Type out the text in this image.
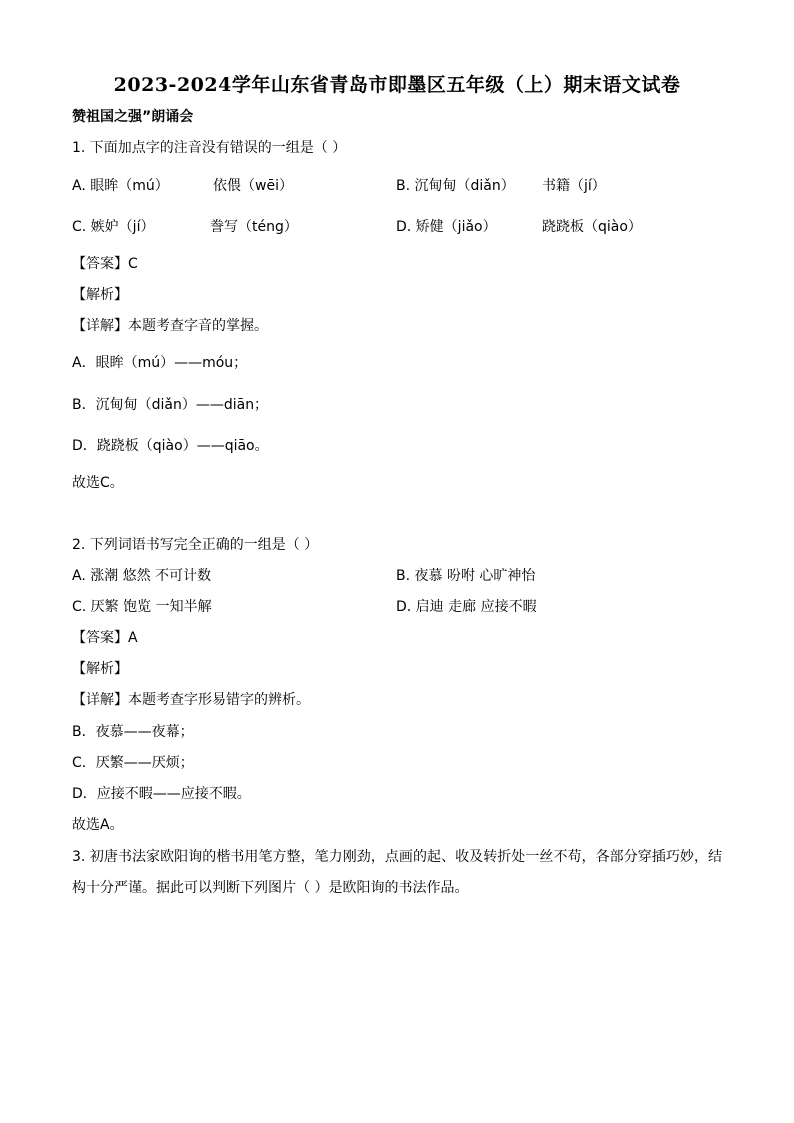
2023-2024学年山东省青岛市即墨区五年级（上）期末语文试卷
赞祖国之强”朗诵会
1. 下面加点字的注音没有错误的一组是（ ）
A. 眼眸（mú）	依偎（wēi）	B. 沉甸甸（diǎn） 书籍（jí）
C. 嫉妒（jí）	誊写（téng）	D. 矫健（jiǎo）	跷跷板（qiào）
【答案】C
【解析】
【详解】本题考查字音的掌握。
A．眼眸（mú）——móu；
B．沉甸甸（diǎn）——diān；
D．跷跷板（qiào）——qiāo。
故选C。
2. 下列词语书写完全正确的一组是（ ）
A. 涨潮 悠然 不可计数	B. 夜慕 吩咐 心旷神怡
C. 厌繁 饱览 一知半解	D. 启迪 走廊 应接不暇
【答案】A
【解析】
【详解】本题考查字形易错字的辨析。
B．夜慕——夜幕；
C．厌繁——厌烦；
D．应接不暇——应接不暇。
故选A。
3. 初唐书法家欧阳询的楷书用笔方整，笔力刚劲，点画的起、收及转折处一丝不苟，各部分穿插巧妙，结构十分严谨。据此可以判断下列图片（ ）是欧阳询的书法作品。
